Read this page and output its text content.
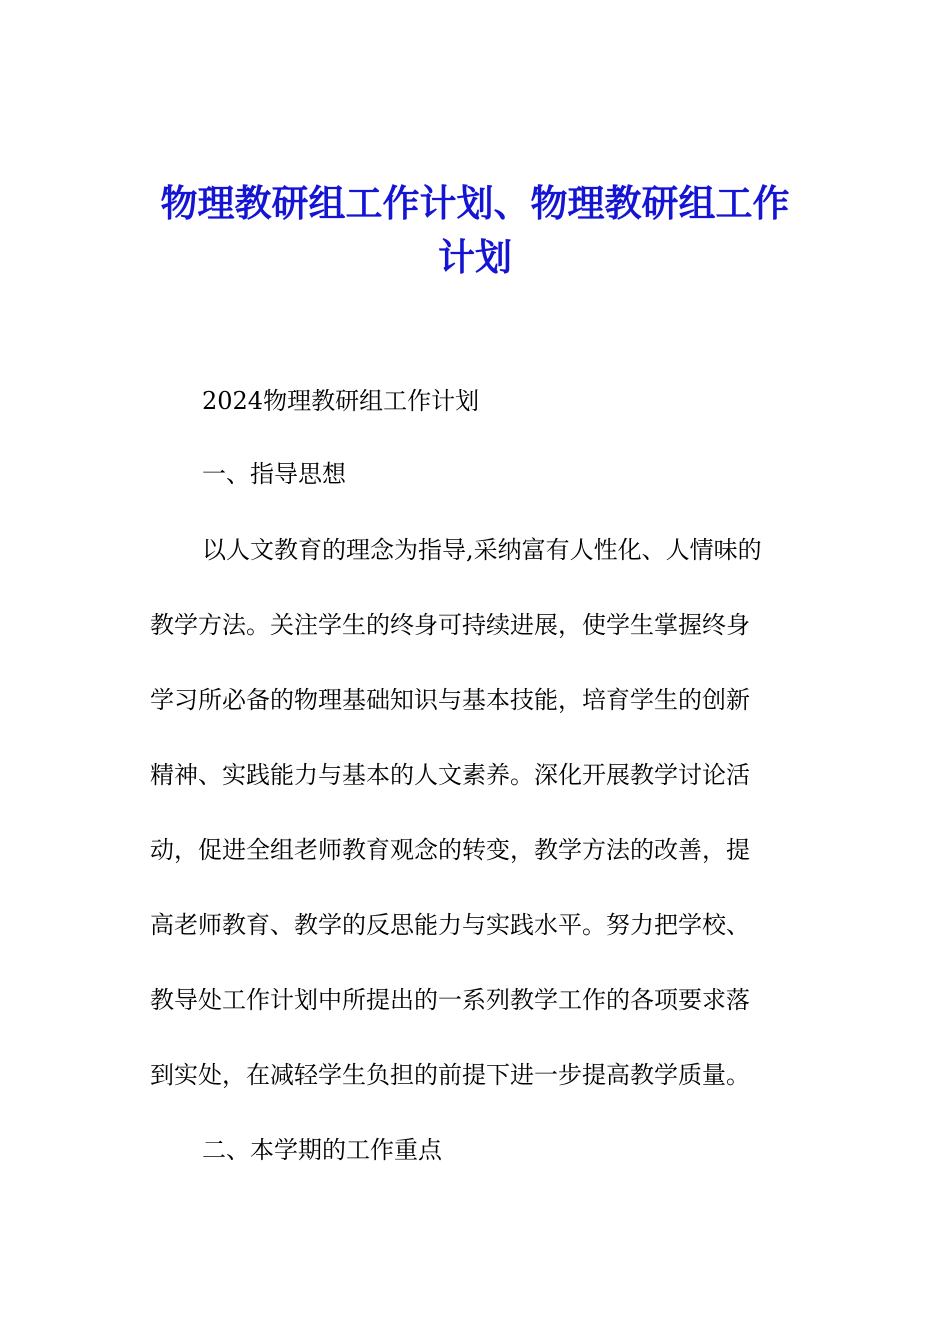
物理教研组工作计划、物理教研组工作
计划
2024物理教研组工作计划
一、指导思想
以人文教育的理念为指导,采纳富有人性化、人情味的
教学方法。关注学生的终身可持续进展，使学生掌握终身
学习所必备的物理基础知识与基本技能，培育学生的创新
精神、实践能力与基本的人文素养。深化开展教学讨论活
动，促进全组老师教育观念的转变，教学方法的改善，提
高老师教育、教学的反思能力与实践水平。努力把学校、
教导处工作计划中所提出的一系列教学工作的各项要求落
到实处，在减轻学生负担的前提下进一步提高教学质量。
二、本学期的工作重点
